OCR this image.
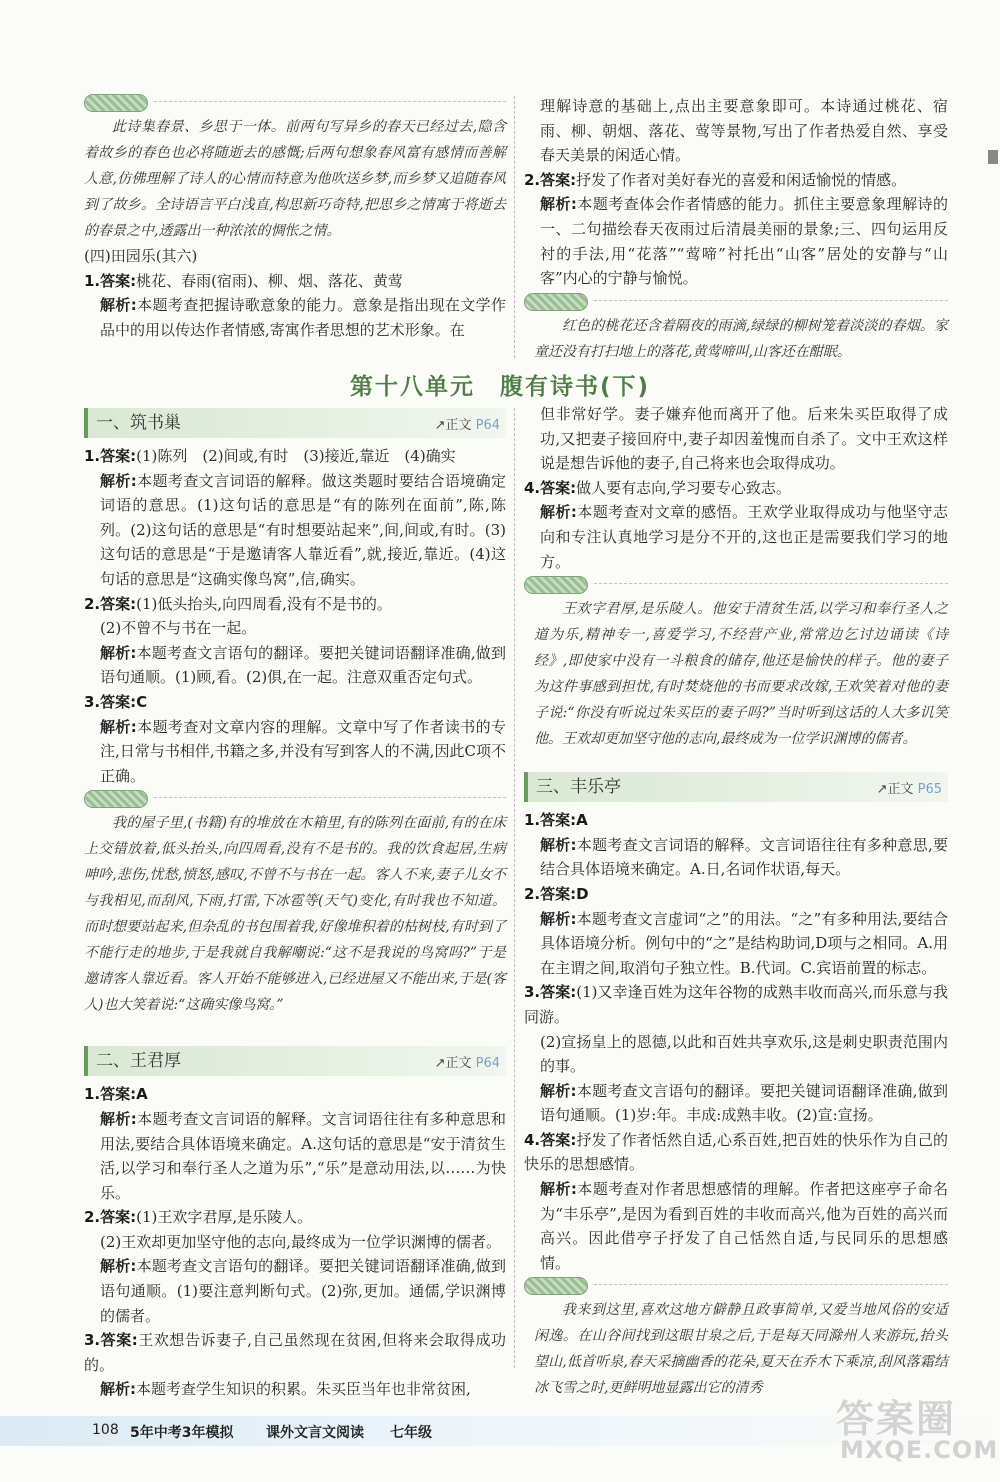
此诗集春景、乡思于一体。前两句写异乡的春天已经过去,隐含着故乡的春色也必将随逝去的感慨;后两句想象春风富有感情而善解人意,仿佛理解了诗人的心情而特意为他吹送乡梦,而乡梦又追随春风到了故乡。全诗语言平白浅直,构思新巧奇特,把思乡之情寓于将逝去的春景之中,透露出一种浓浓的惆怅之情。

(四)田园乐(其六)

1.答案:桃花、春雨(宿雨)、柳、烟、落花、黄莺

解析:本题考查把握诗歌意象的能力。意象是指出现在文学作品中的用以传达作者情感,寄寓作者思想的艺术形象。在

理解诗意的基础上,点出主要意象即可。本诗通过桃花、宿雨、柳、朝烟、落花、莺等景物,写出了作者热爱自然、享受春天美景的闲适心情。

2.答案:抒发了作者对美好春光的喜爱和闲适愉悦的情感。

解析:本题考查体会作者情感的能力。抓住主要意象理解诗的一、二句描绘春天夜雨过后清晨美丽的景象;三、四句运用反衬的手法,用“花落”“莺啼”衬托出“山客”居处的安静与“山客”内心的宁静与愉悦。

红色的桃花还含着隔夜的雨滴,绿绿的柳树笼着淡淡的春烟。家童还没有打扫地上的落花,黄莺啼叫,山客还在酣眠。

第十八单元　腹有诗书(下)
一、筑书巢	↗正文 P64

1.答案:(1)陈列　(2)间或,有时　(3)接近,靠近　(4)确实

解析:本题考查文言词语的解释。做这类题时要结合语境确定词语的意思。(1)这句话的意思是“有的陈列在面前”,陈,陈列。(2)这句话的意思是“有时想要站起来”,间,间或,有时。(3)这句话的意思是“于是邀请客人靠近看”,就,接近,靠近。(4)这句话的意思是“这确实像鸟窝”,信,确实。

2.答案:(1)低头抬头,向四周看,没有不是书的。

(2)不曾不与书在一起。

解析:本题考查文言语句的翻译。要把关键词语翻译准确,做到语句通顺。(1)顾,看。(2)俱,在一起。注意双重否定句式。

3.答案:C

解析:本题考查对文章内容的理解。文章中写了作者读书的专注,日常与书相伴,书籍之多,并没有写到客人的不满,因此C项不正确。

我的屋子里,(书籍)有的堆放在木箱里,有的陈列在面前,有的在床上交错放着,低头抬头,向四周看,没有不是书的。我的饮食起居,生病呻吟,悲伤,忧愁,愤怒,感叹,不曾不与书在一起。客人不来,妻子儿女不与我相见,而刮风,下雨,打雷,下冰雹等(天气)变化,有时我也不知道。而时想要站起来,但杂乱的书包围着我,好像堆积着的枯树枝,有时到了不能行走的地步,于是我就自我解嘲说:“这不是我说的鸟窝吗?”于是邀请客人靠近看。客人开始不能够进入,已经进屋又不能出来,于是(客人)也大笑着说:“这确实像鸟窝。”

二、王君厚	↗正文 P64

1.答案:A

解析:本题考查文言词语的解释。文言词语往往有多种意思和用法,要结合具体语境来确定。A.这句话的意思是“安于清贫生活,以学习和奉行圣人之道为乐”,“乐”是意动用法,以……为快乐。

2.答案:(1)王欢字君厚,是乐陵人。

(2)王欢却更加坚守他的志向,最终成为一位学识渊博的儒者。

解析:本题考查文言语句的翻译。要把关键词语翻译准确,做到语句通顺。(1)要注意判断句式。(2)弥,更加。通儒,学识渊博的儒者。

3.答案:王欢想告诉妻子,自己虽然现在贫困,但将来会取得成功的。

解析:本题考查学生知识的积累。朱买臣当年也非常贫困,

但非常好学。妻子嫌弃他而离开了他。后来朱买臣取得了成功,又把妻子接回府中,妻子却因羞愧而自杀了。文中王欢这样说是想告诉他的妻子,自己将来也会取得成功。

4.答案:做人要有志向,学习要专心致志。

解析:本题考查对文章的感悟。王欢学业取得成功与他坚守志向和专注认真地学习是分不开的,这也正是需要我们学习的地方。

王欢字君厚,是乐陵人。他安于清贫生活,以学习和奉行圣人之道为乐,精神专一,喜爱学习,不经营产业,常常边乞讨边诵读《诗经》,即使家中没有一斗粮食的储存,他还是愉快的样子。他的妻子为这件事感到担忧,有时焚烧他的书而要求改嫁,王欢笑着对他的妻子说:“你没有听说过朱买臣的妻子吗?”当时听到这话的人大多讥笑他。王欢却更加坚守他的志向,最终成为一位学识渊博的儒者。

三、丰乐亭	↗正文 P65

1.答案:A

解析:本题考查文言词语的解释。文言词语往往有多种意思,要结合具体语境来确定。A.日,名词作状语,每天。

2.答案:D

解析:本题考查文言虚词“之”的用法。“之”有多种用法,要结合具体语境分析。例句中的“之”是结构助词,D项与之相同。A.用在主谓之间,取消句子独立性。B.代词。C.宾语前置的标志。

3.答案:(1)又幸逢百姓为这年谷物的成熟丰收而高兴,而乐意与我同游。

(2)宣扬皇上的恩德,以此和百姓共享欢乐,这是刺史职责范围内的事。

解析:本题考查文言语句的翻译。要把关键词语翻译准确,做到语句通顺。(1)岁:年。丰成:成熟丰收。(2)宣:宣扬。

4.答案:抒发了作者恬然自适,心系百姓,把百姓的快乐作为自己的快乐的思想感情。

解析:本题考查对作者思想感情的理解。作者把这座亭子命名为“丰乐亭”,是因为看到百姓的丰收而高兴,他为百姓的高兴而高兴。因此借亭子抒发了自己恬然自适,与民同乐的思想感情。

我来到这里,喜欢这地方僻静且政事简单,又爱当地风俗的安适闲逸。在山谷间找到这眼甘泉之后,于是每天同滁州人来游玩,抬头望山,低首听泉,春天采摘幽香的花朵,夏天在乔木下乘凉,刮风落霜结冰飞雪之时,更鲜明地显露出它的清秀

108 5年中考3年模拟 课外文言文阅读 七年级	答案圈
MXQE.COM
